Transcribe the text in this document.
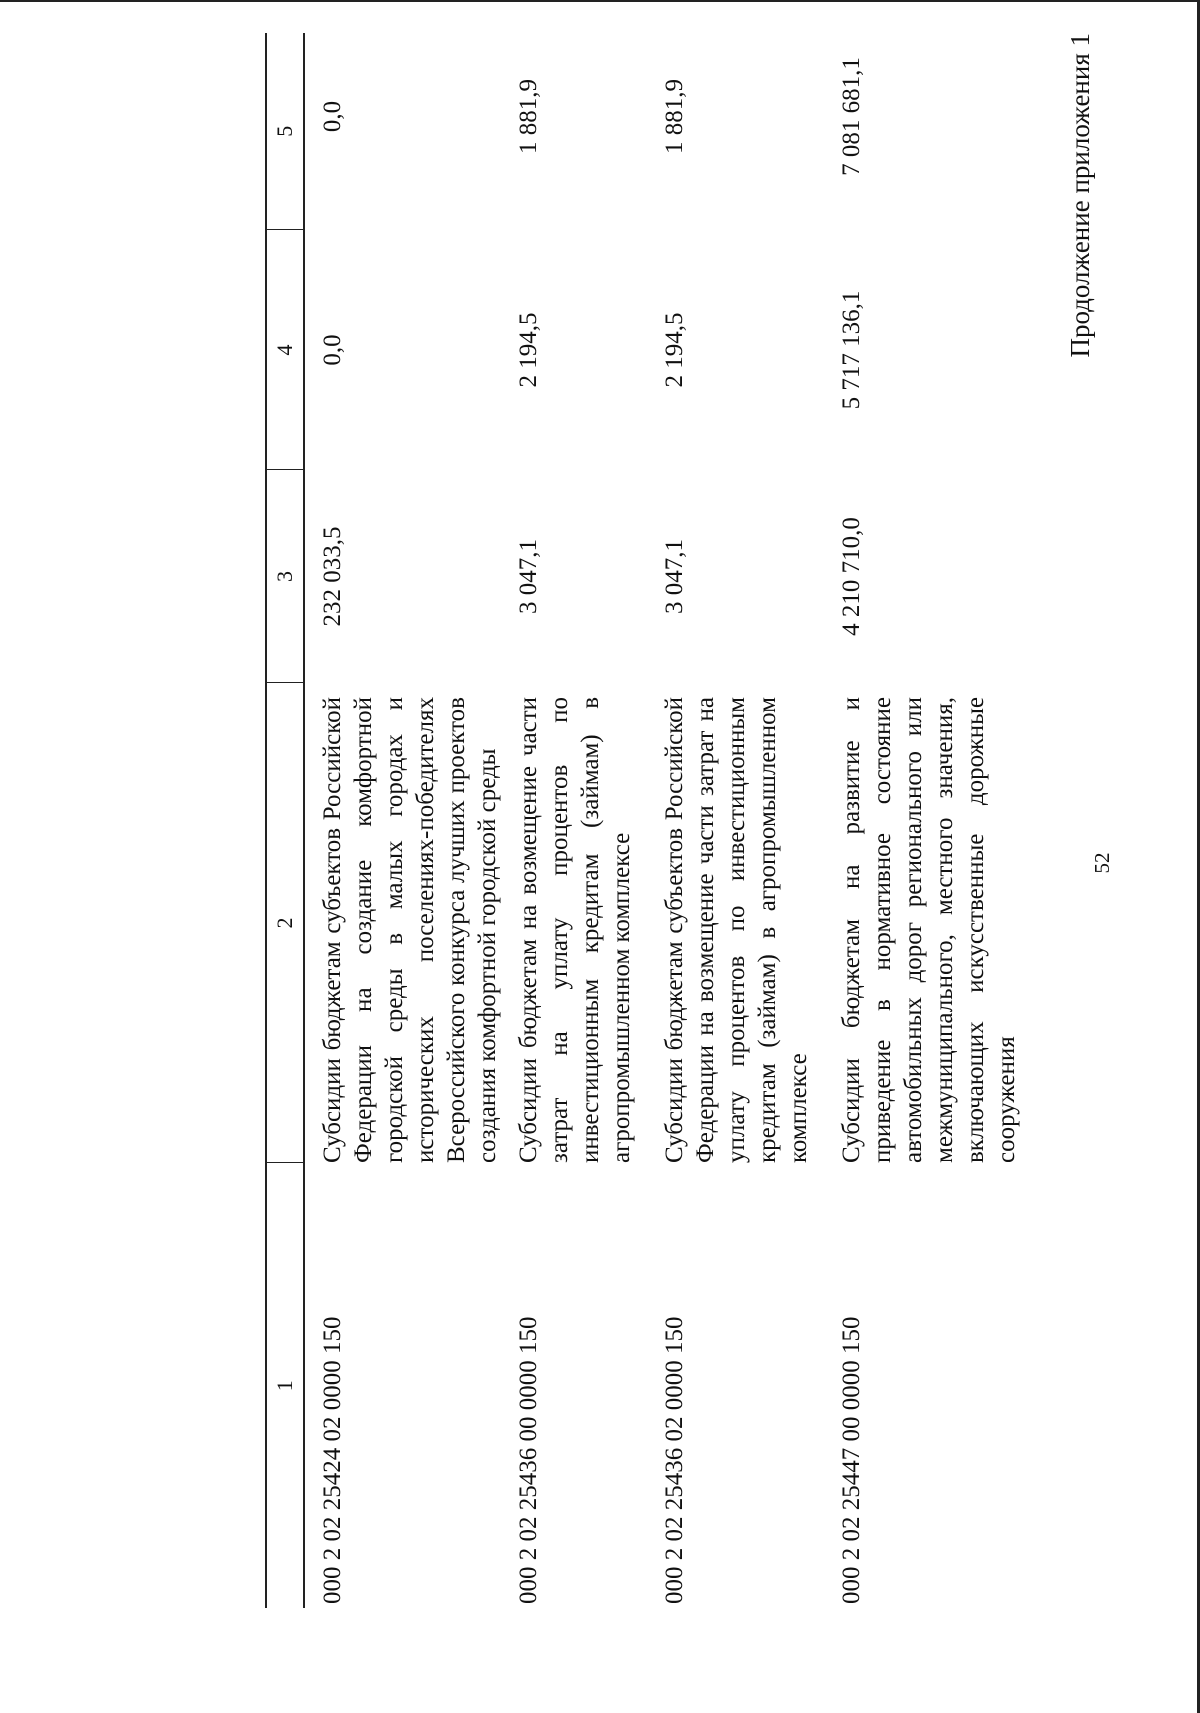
52

Продолжение приложения 1

1	2	3	4	5
000 2 02 25424 02 0000 150	Субсидии бюджетам субъектов Российской Федерации на создание комфортной городской среды в малых городах и исторических поселениях-победителях Всероссийского конкурса лучших проектов создания комфортной городской среды	232 033,5	0,0	0,0
000 2 02 25436 00 0000 150	Субсидии бюджетам на возмещение части затрат на уплату процентов по инвестиционным кредитам (займам) в агропромышленном комплексе	3 047,1	2 194,5	1 881,9
000 2 02 25436 02 0000 150	Субсидии бюджетам субъектов Российской Федерации на возмещение части затрат на уплату процентов по инвестиционным кредитам (займам) в агропромышленном комплексе	3 047,1	2 194,5	1 881,9
000 2 02 25447 00 0000 150	Субсидии бюджетам на развитие и приведение в нормативное состояние автомобильных дорог регионального или межмуниципального, местного значения, включающих искусственные дорожные сооружения	4 210 710,0	5 717 136,1	7 081 681,1
